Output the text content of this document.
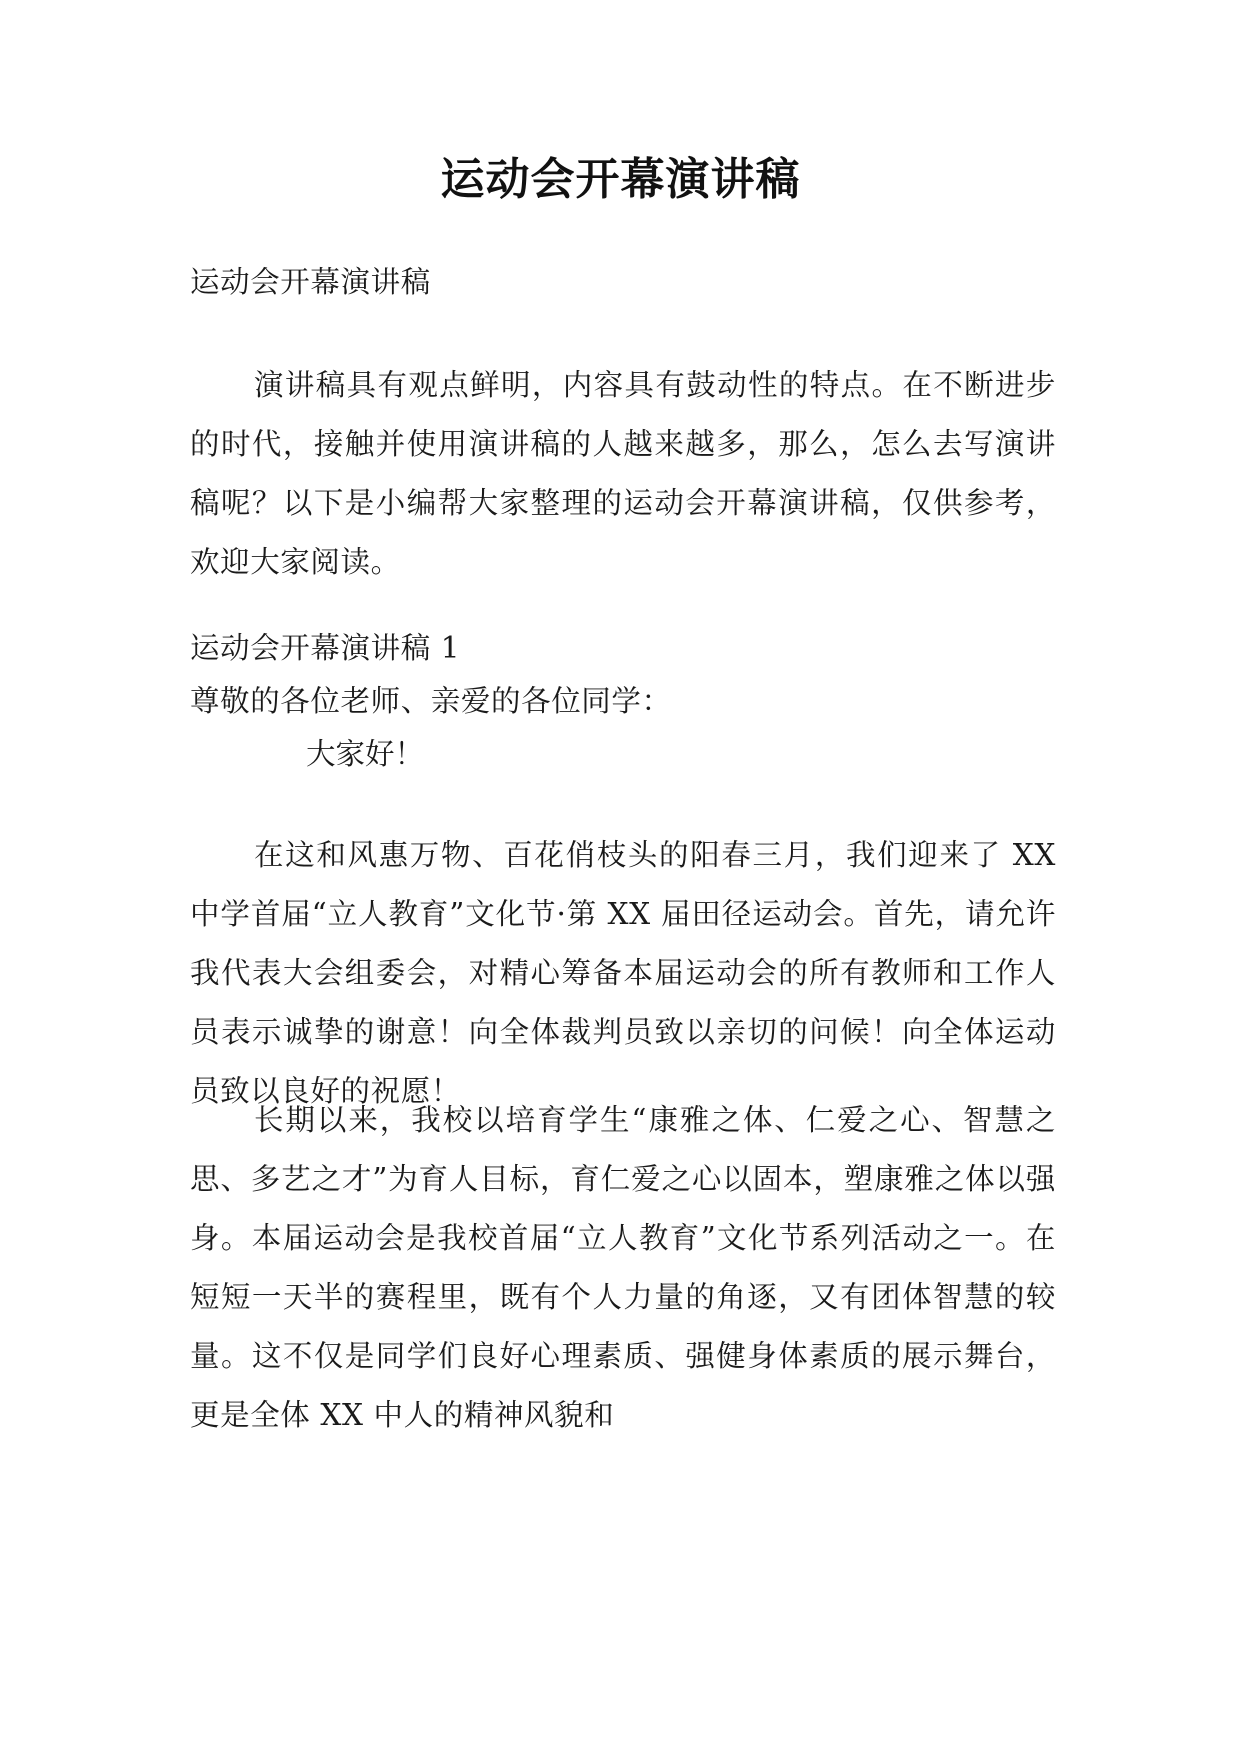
运动会开幕演讲稿
运动会开幕演讲稿
演讲稿具有观点鲜明，内容具有鼓动性的特点。在不断进步的时代，接触并使用演讲稿的人越来越多，那么，怎么去写演讲稿呢？以下是小编帮大家整理的运动会开幕演讲稿，仅供参考，欢迎大家阅读。
运动会开幕演讲稿 1
尊敬的各位老师、亲爱的各位同学：
大家好！
在这和风惠万物、百花俏枝头的阳春三月，我们迎来了 XX 中学首届“立人教育”文化节·第 XX 届田径运动会。首先，请允许我代表大会组委会，对精心筹备本届运动会的所有教师和工作人员表示诚挚的谢意！向全体裁判员致以亲切的问候！向全体运动员致以良好的祝愿！
长期以来，我校以培育学生“康雅之体、仁爱之心、智慧之思、多艺之才”为育人目标，育仁爱之心以固本，塑康雅之体以强身。本届运动会是我校首届“立人教育”文化节系列活动之一。在短短一天半的赛程里，既有个人力量的角逐，又有团体智慧的较量。这不仅是同学们良好心理素质、强健身体素质的展示舞台，更是全体 XX 中人的精神风貌和
